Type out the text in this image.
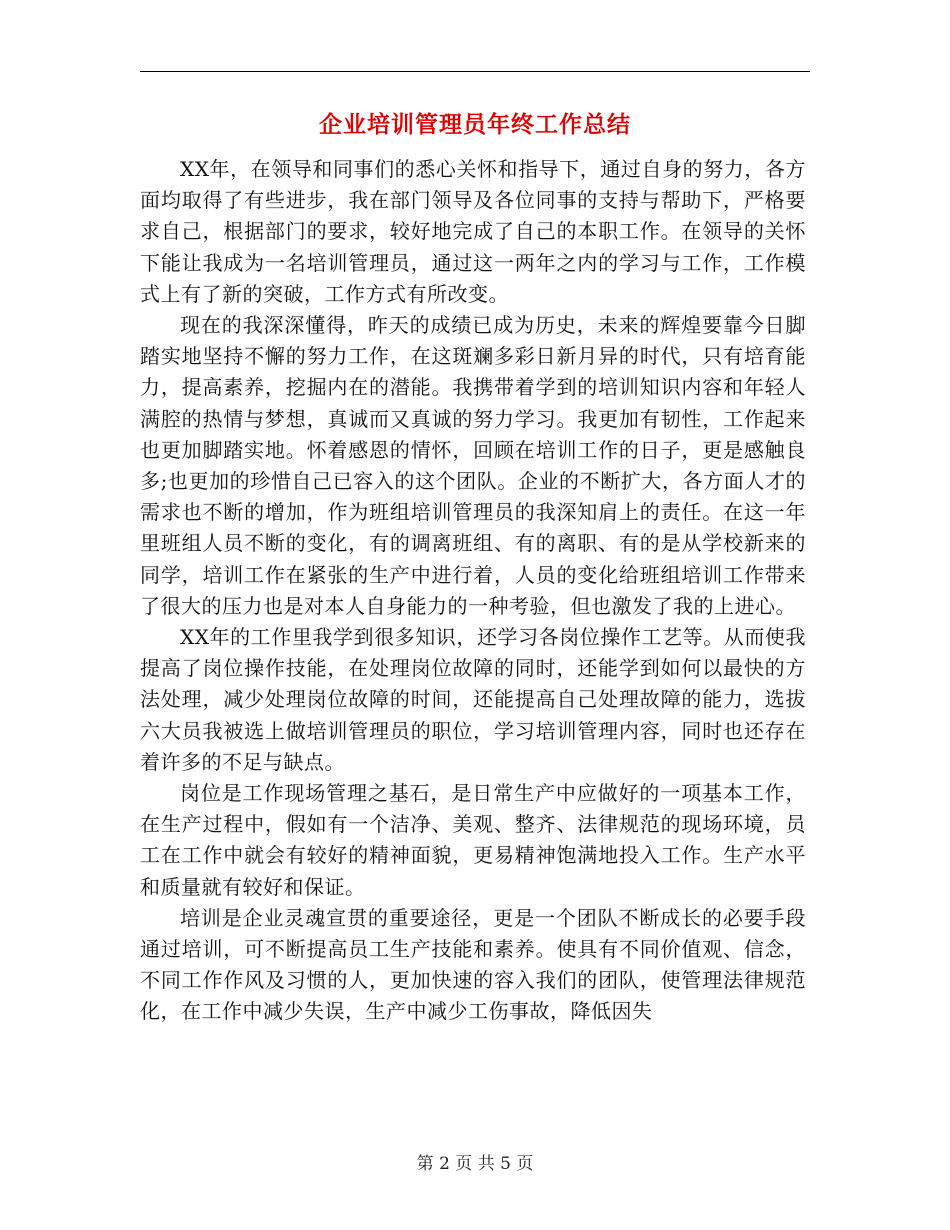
企业培训管理员年终工作总结

XX年，在领导和同事们的悉心关怀和指导下，通过自身的努力，各方面均取得了有些进步，我在部门领导及各位同事的支持与帮助下，严格要求自己，根据部门的要求，较好地完成了自己的本职工作。在领导的关怀下能让我成为一名培训管理员，通过这一两年之内的学习与工作，工作模式上有了新的突破，工作方式有所改变。

现在的我深深懂得，昨天的成绩已成为历史，未来的辉煌要靠今日脚踏实地坚持不懈的努力工作，在这斑斓多彩日新月异的时代，只有培育能力，提高素养，挖掘内在的潜能。我携带着学到的培训知识内容和年轻人满腔的热情与梦想，真诚而又真诚的努力学习。我更加有韧性，工作起来也更加脚踏实地。怀着感恩的情怀，回顾在培训工作的日子，更是感触良多;也更加的珍惜自己已容入的这个团队。企业的不断扩大，各方面人才的需求也不断的增加，作为班组培训管理员的我深知肩上的责任。在这一年里班组人员不断的变化，有的调离班组、有的离职、有的是从学校新来的同学，培训工作在紧张的生产中进行着，人员的变化给班组培训工作带来了很大的压力也是对本人自身能力的一种考验，但也激发了我的上进心。

XX年的工作里我学到很多知识，还学习各岗位操作工艺等。从而使我提高了岗位操作技能，在处理岗位故障的同时，还能学到如何以最快的方法处理，减少处理岗位故障的时间，还能提高自己处理故障的能力，选拔六大员我被选上做培训管理员的职位，学习培训管理内容，同时也还存在着许多的不足与缺点。

岗位是工作现场管理之基石，是日常生产中应做好的一项基本工作，在生产过程中，假如有一个洁净、美观、整齐、法律规范的现场环境，员工在工作中就会有较好的精神面貌，更易精神饱满地投入工作。生产水平和质量就有较好和保证。

培训是企业灵魂宣贯的重要途径，更是一个团队不断成长的必要手段通过培训，可不断提高员工生产技能和素养。使具有不同价值观、信念，不同工作作风及习惯的人，更加快速的容入我们的团队，使管理法律规范化，在工作中减少失误，生产中减少工伤事故，降低因失

第 2 页 共 5 页
